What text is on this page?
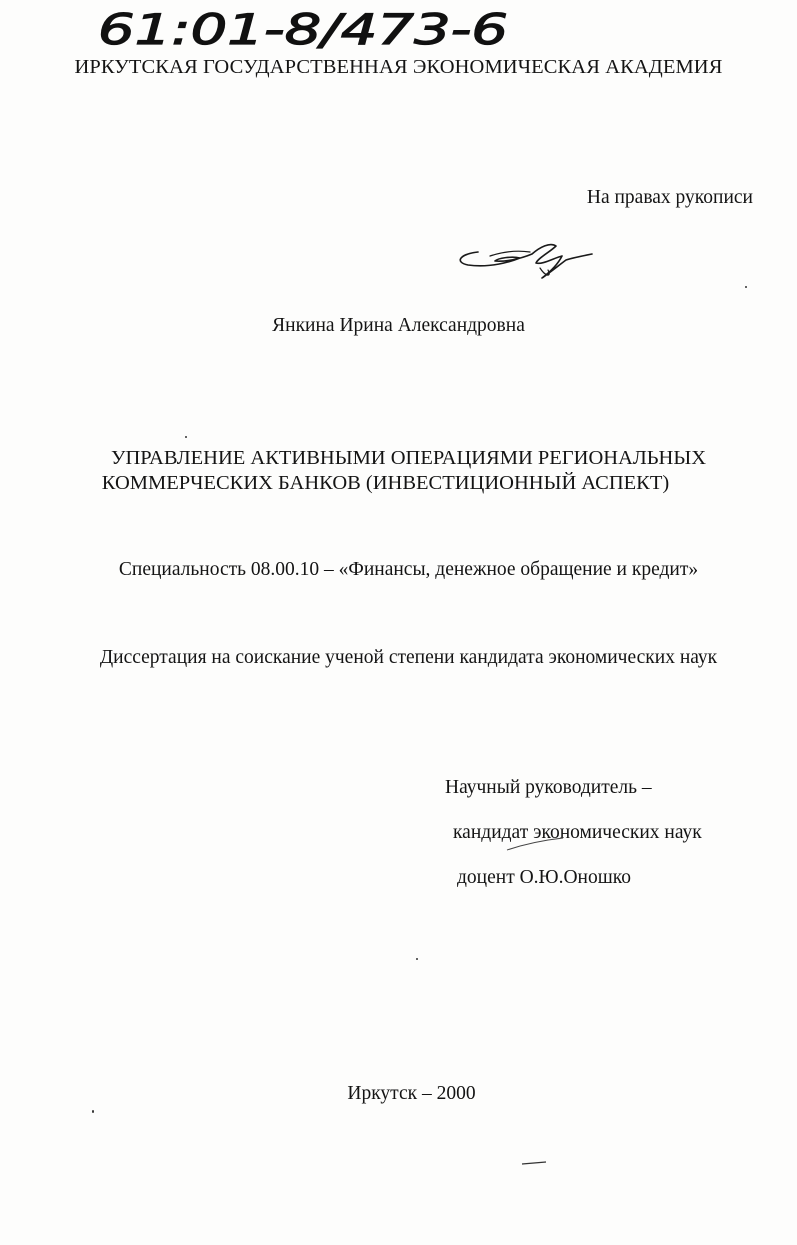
61:01-8/473-6
ИРКУТСКАЯ ГОСУДАРСТВЕННАЯ ЭКОНОМИЧЕСКАЯ АКАДЕМИЯ
На правах рукописи
Янкина Ирина Александровна
УПРАВЛЕНИЕ АКТИВНЫМИ ОПЕРАЦИЯМИ РЕГИОНАЛЬНЫХ
КОММЕРЧЕСКИХ БАНКОВ (ИНВЕСТИЦИОННЫЙ АСПЕКТ)
Специальность 08.00.10 – «Финансы, денежное обращение и кредит»
Диссертация на соискание ученой степени кандидата экономических наук
Научный руководитель –
кандидат экономических наук
доцент О.Ю.Оношко
Иркутск – 2000
